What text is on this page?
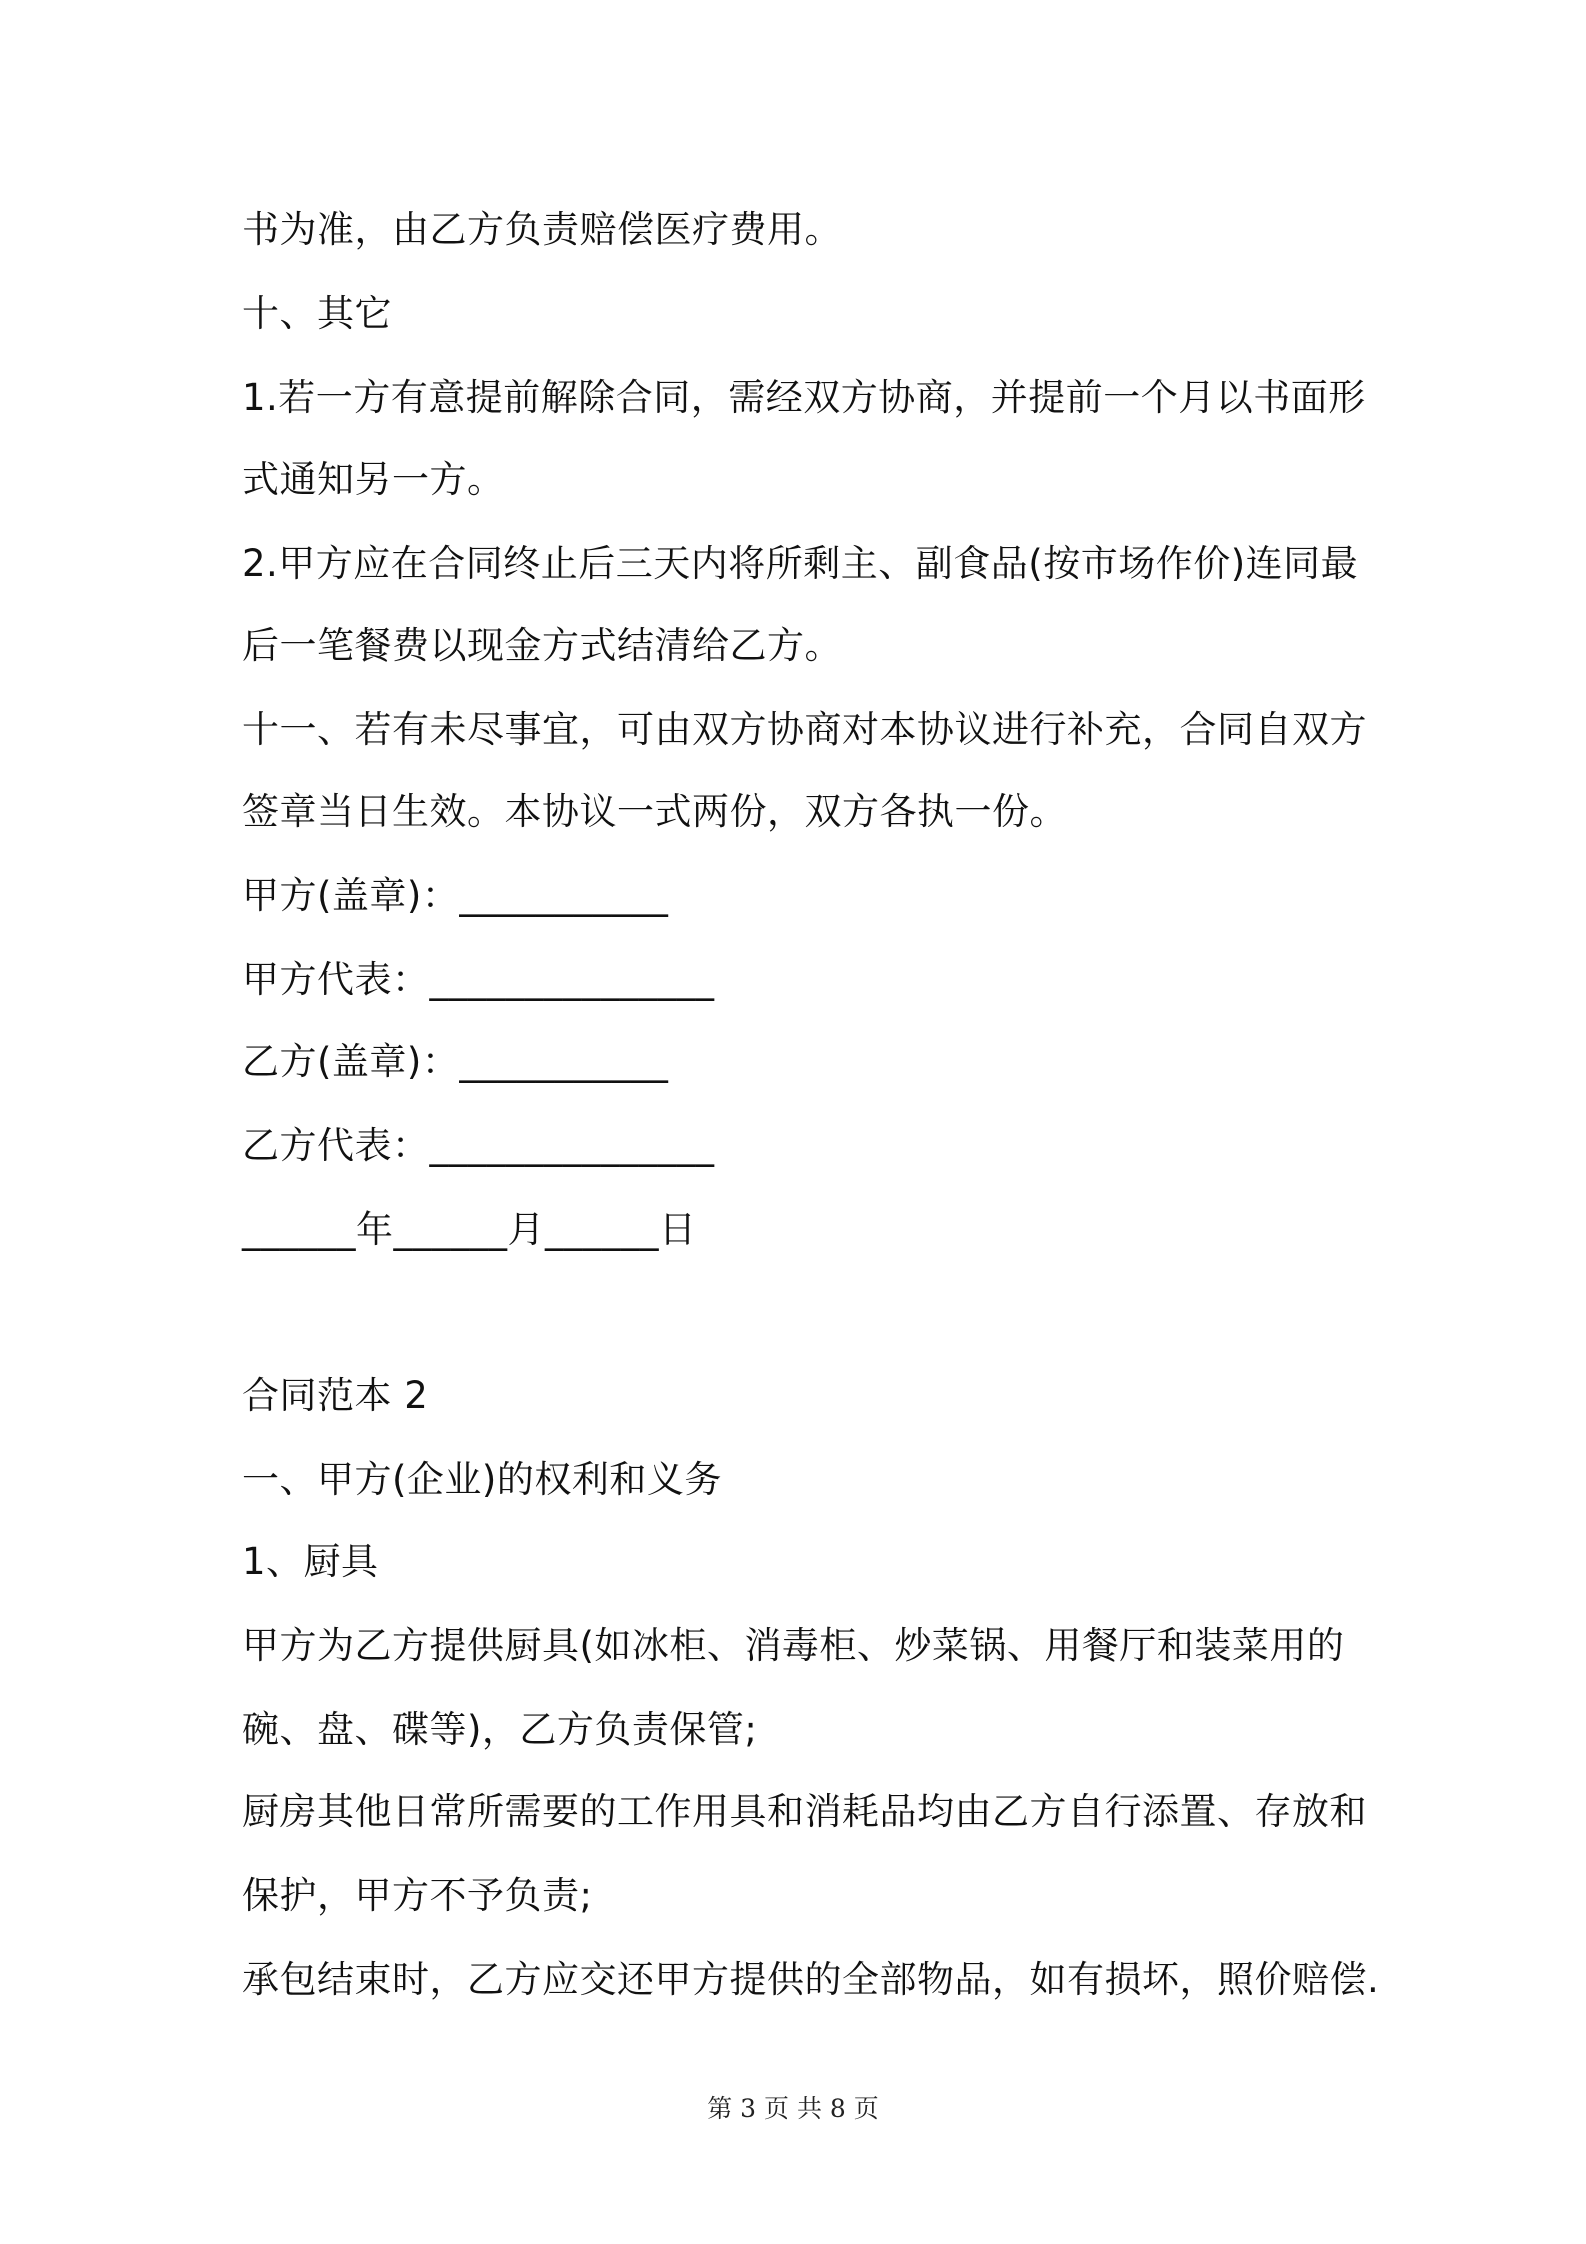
书为准，由乙方负责赔偿医疗费用。
十、其它
1.若一方有意提前解除合同，需经双方协商，并提前一个月以书面形
式通知另一方。
2.甲方应在合同终止后三天内将所剩主、副食品(按市场作价)连同最
后一笔餐费以现金方式结清给乙方。
十一、若有未尽事宜，可由双方协商对本协议进行补充，合同自双方
签章当日生效。本协议一式两份，双方各执一份。
甲方(盖章)：___________
甲方代表：_______________
乙方(盖章)：___________
乙方代表：_______________
______年______月______日
合同范本 2
一、甲方(企业)的权利和义务
1、厨具
甲方为乙方提供厨具(如冰柜、消毒柜、炒菜锅、用餐厅和装菜用的
碗、盘、碟等)，乙方负责保管;
厨房其他日常所需要的工作用具和消耗品均由乙方自行添置、存放和
保护，甲方不予负责;
承包结束时，乙方应交还甲方提供的全部物品，如有损坏，照价赔偿.
第 3 页 共 8 页
